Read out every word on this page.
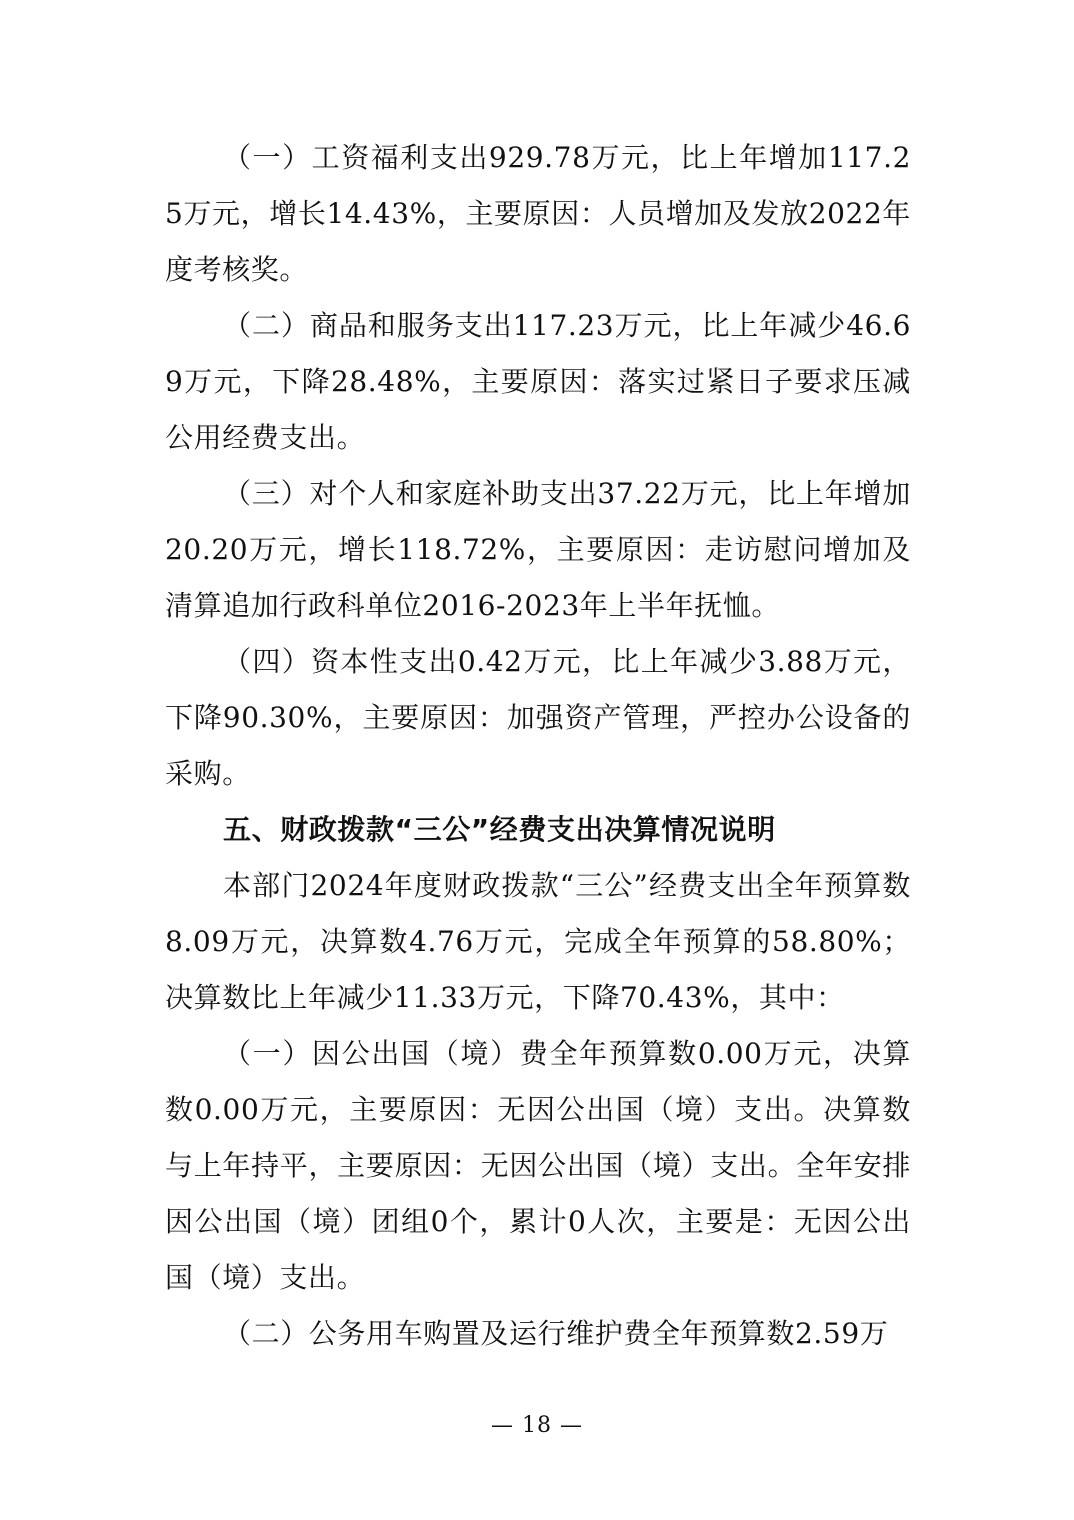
（一）工资福利支出929.78万元，比上年增加117.25万元，增长14.43%，主要原因：人员增加及发放2022年度考核奖。

（二）商品和服务支出117.23万元，比上年减少46.69万元，下降28.48%，主要原因：落实过紧日子要求压减公用经费支出。

（三）对个人和家庭补助支出37.22万元，比上年增加20.20万元，增长118.72%，主要原因：走访慰问增加及清算追加行政科单位2016-2023年上半年抚恤。

（四）资本性支出0.42万元，比上年减少3.88万元，下降90.30%，主要原因：加强资产管理，严控办公设备的采购。

五、财政拨款“三公”经费支出决算情况说明

本部门2024年度财政拨款“三公”经费支出全年预算数8.09万元，决算数4.76万元，完成全年预算的58.80%；决算数比上年减少11.33万元，下降70.43%，其中：

（一）因公出国（境）费全年预算数0.00万元，决算数0.00万元，主要原因：无因公出国（境）支出。决算数与上年持平，主要原因：无因公出国（境）支出。全年安排因公出国（境）团组0个，累计0人次，主要是：无因公出国（境）支出。

（二）公务用车购置及运行维护费全年预算数2.59万

— 18 —
